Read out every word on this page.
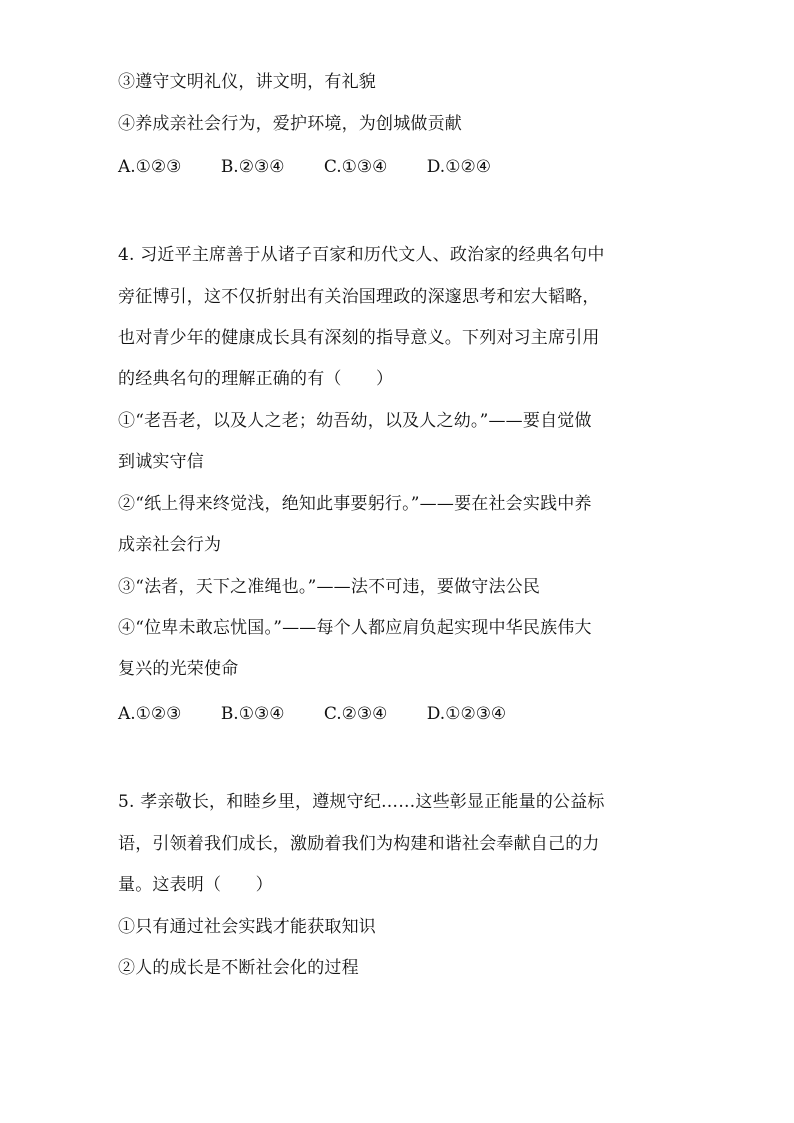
③遵守文明礼仪，讲文明，有礼貌
④养成亲社会行为，爱护环境，为创城做贡献
A.①②③ B.②③④ C.①③④ D.①②④
4. 习近平主席善于从诸子百家和历代文人、政治家的经典名句中
旁征博引，这不仅折射出有关治国理政的深邃思考和宏大韬略，
也对青少年的健康成长具有深刻的指导意义。下列对习主席引用
的经典名句的理解正确的有（　　）
①“老吾老，以及人之老；幼吾幼，以及人之幼。”——要自觉做
到诚实守信
②“纸上得来终觉浅，绝知此事要躬行。”——要在社会实践中养
成亲社会行为
③“法者，天下之准绳也。”——法不可违，要做守法公民
④“位卑未敢忘忧国。”——每个人都应肩负起实现中华民族伟大
复兴的光荣使命
A.①②③ B.①③④ C.②③④ D.①②③④
5. 孝亲敬长，和睦乡里，遵规守纪……这些彰显正能量的公益标
语，引领着我们成长，激励着我们为构建和谐社会奉献自己的力
量。这表明（　　）
①只有通过社会实践才能获取知识
②人的成长是不断社会化的过程
